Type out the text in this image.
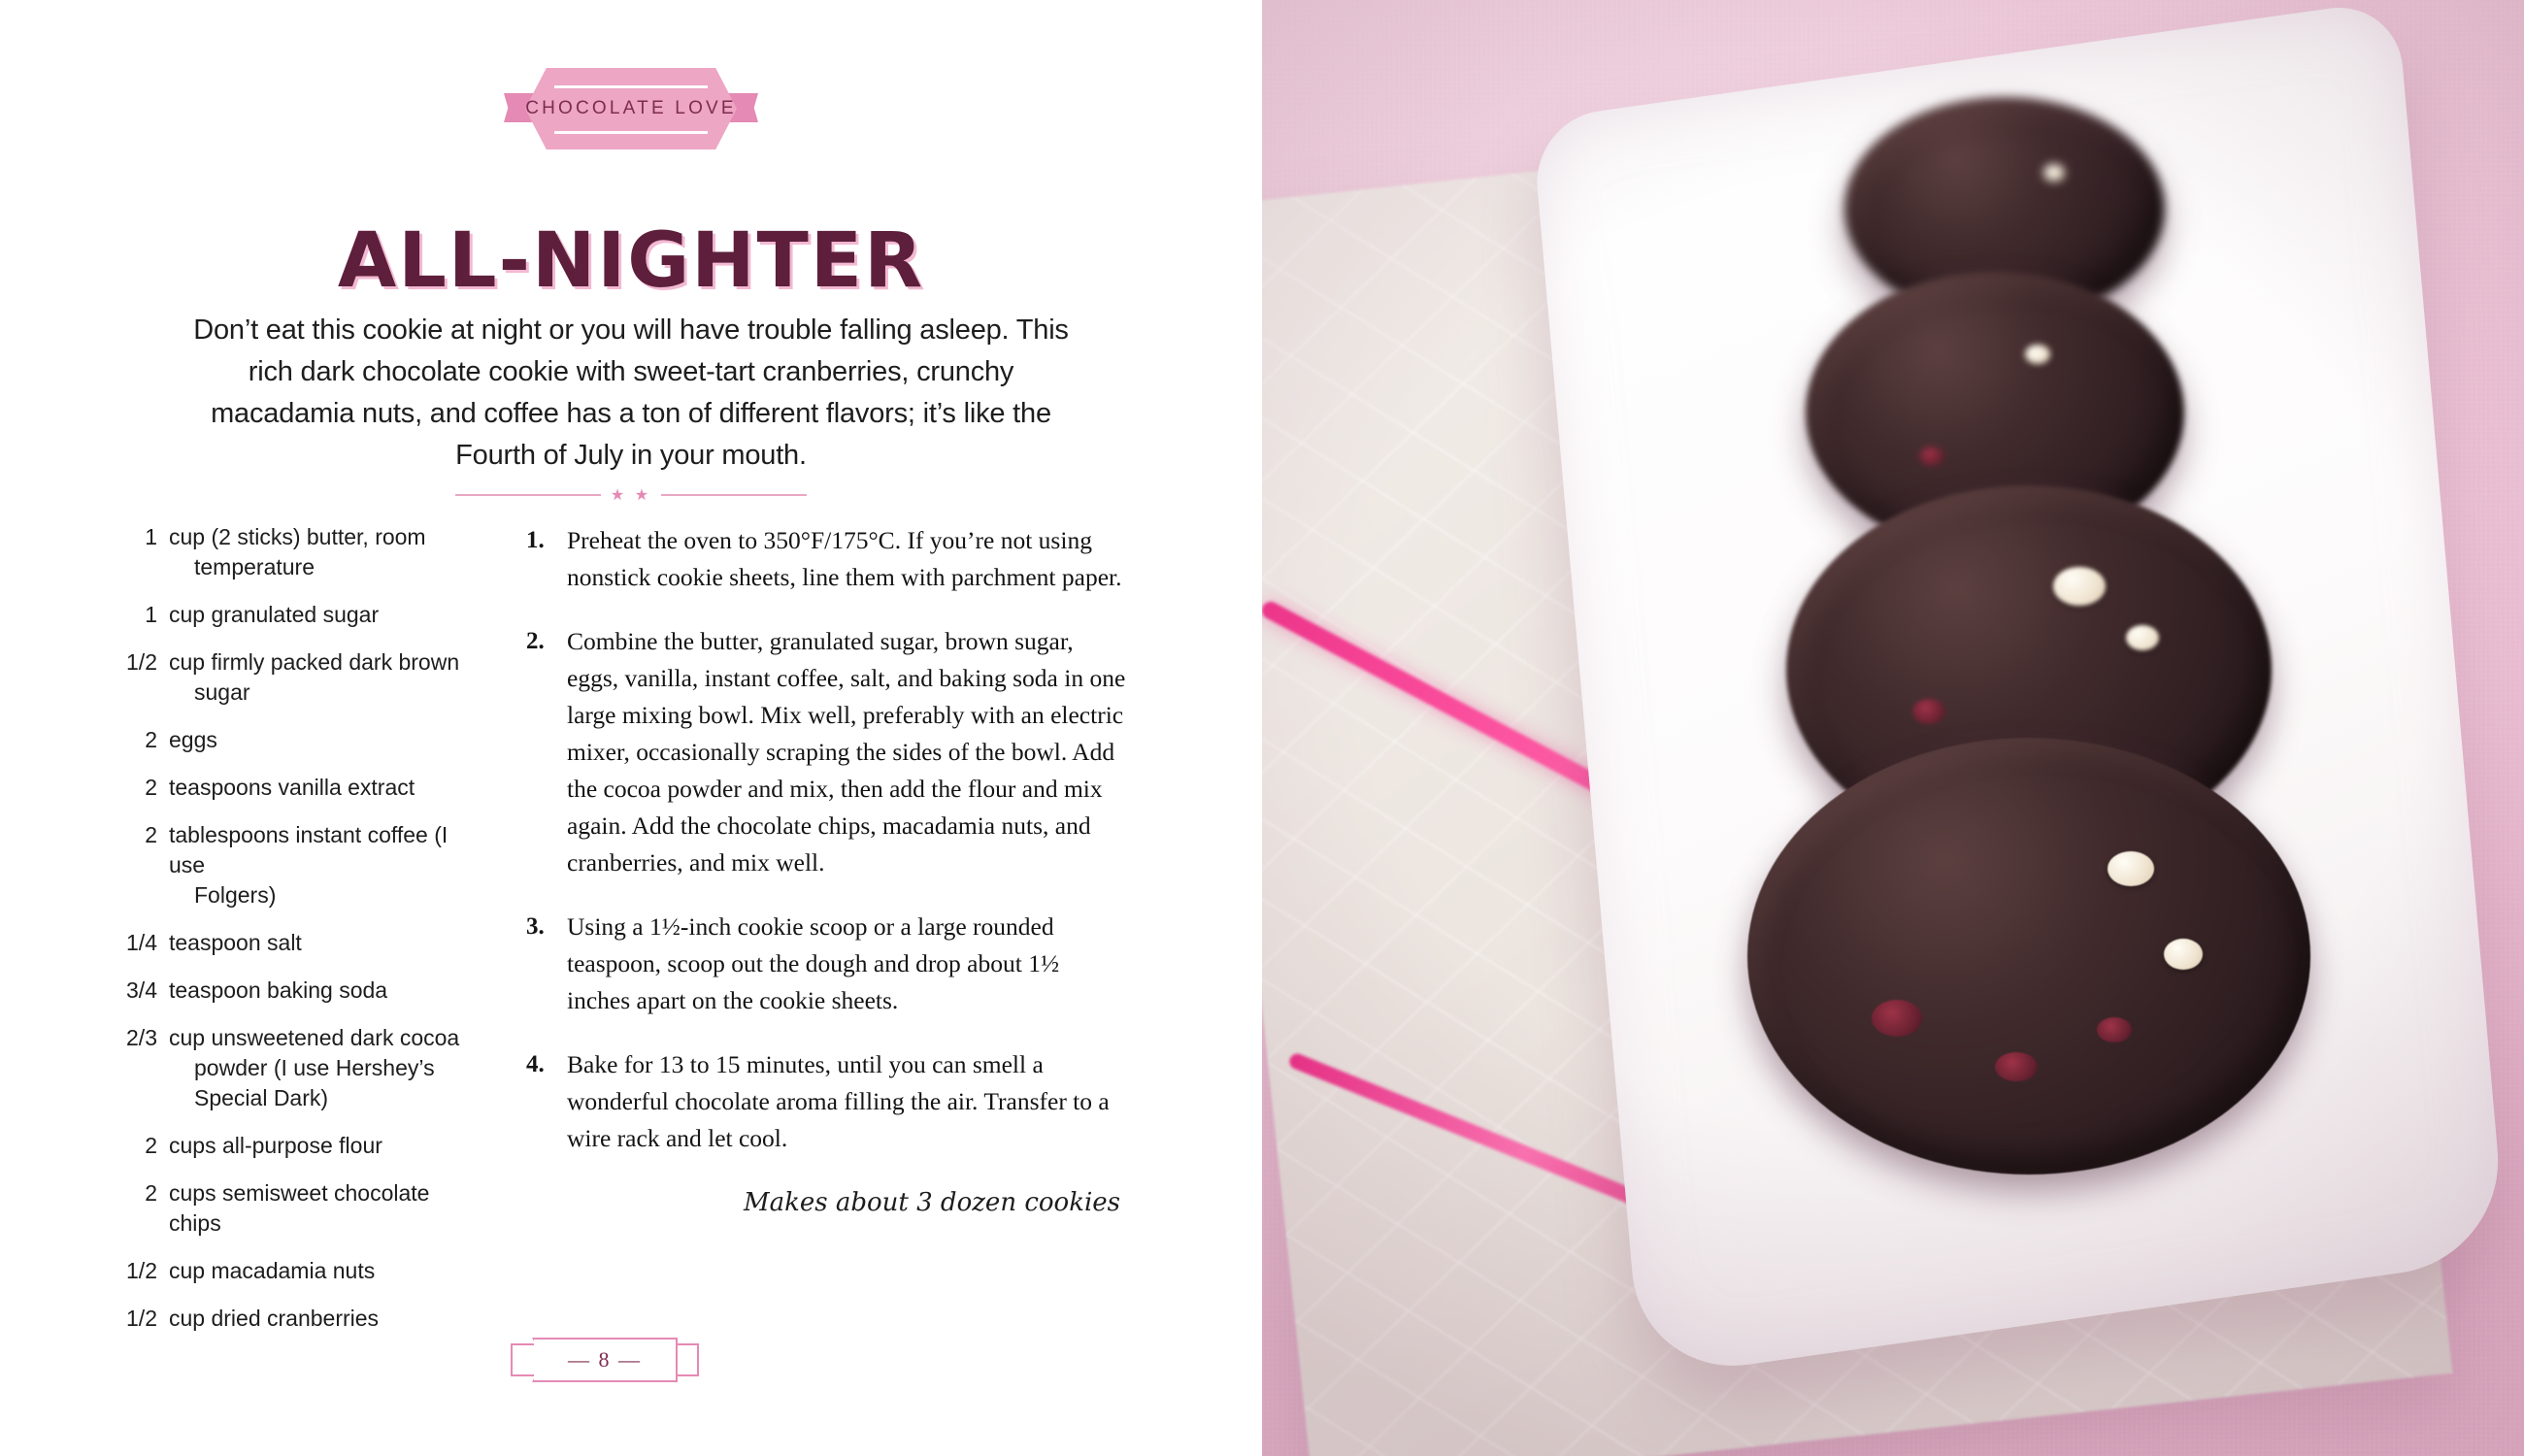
CHOCOLATE LOVE
ALL-NIGHTER

Don’t eat this cookie at night or you will have trouble falling asleep. This rich dark chocolate cookie with sweet-tart cranberries, crunchy macadamia nuts, and coffee has a ton of different flavors; it’s like the Fourth of July in your mouth.

★ ★
1 cup (2 sticks) butter, room
temperature
1 cup granulated sugar
1/2 cup firmly packed dark brown
sugar
2 eggs
2 teaspoons vanilla extract
2 tablespoons instant coffee (I use
Folgers)
1/4 teaspoon salt
3/4 teaspoon baking soda
2/3 cup unsweetened dark cocoa
powder (I use Hershey’s Special Dark)
2 cups all-purpose flour
2 cups semisweet chocolate chips
1/2 cup macadamia nuts
1/2 cup dried cranberries
1. Preheat the oven to 350°F/175°C. If you’re not using nonstick cookie sheets, line them with parchment paper.
2. Combine the butter, granulated sugar, brown sugar, eggs, vanilla, instant coffee, salt, and baking soda in one large mixing bowl. Mix well, preferably with an electric mixer, occasionally scraping the sides of the bowl. Add the cocoa powder and mix, then add the flour and mix again. Add the chocolate chips, macadamia nuts, and cranberries, and mix well.
3. Using a 1½-inch cookie scoop or a large rounded teaspoon, scoop out the dough and drop about 1½ inches apart on the cookie sheets.
4. Bake for 13 to 15 minutes, until you can smell a wonderful chocolate aroma filling the air. Transfer to a wire rack and let cool.
Makes about 3 dozen cookies
— 8 —
